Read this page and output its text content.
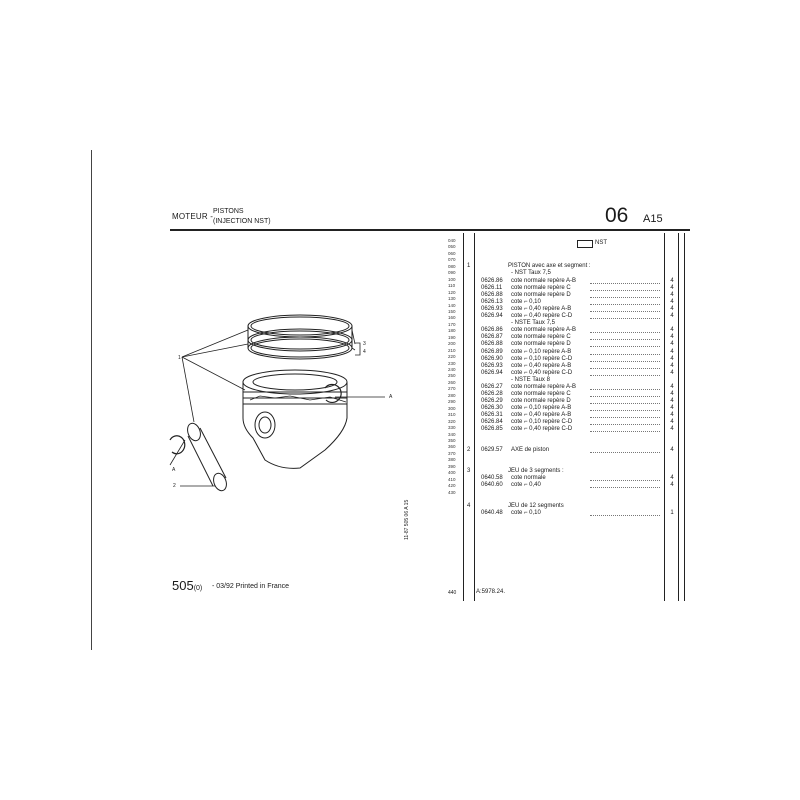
MOTEUR -
PISTONS
(INJECTION NST)	06 A15
NST
040
050
060
070
080
090
100
110
120
130
140
150
160
170
180
190
200
210
220
230
240
250
260
270
280
290
300
310
320
330
340
350
360
370
380
390
400
410
420
430
1	PISTON avec axe et segment :
- NST Taux 7,5
0626.86 cote normale repère A-B	4
0626.11 cote normale repère C	4
0626.88 cote normale repère D	4
0626.13 cote ⌐ 0,10	4
0626.93 cote ⌐ 0,40 repère A-B	4
0626.94 cote ⌐ 0,40 repère C-D	4
- NSTE Taux 7,5
0626.86 cote normale repère A-B	4
0626.87 cote normale repère C	4
0626.88 cote normale repère D	4
0626.89 cote ⌐ 0,10 repère A-B	4
0626.90 cote ⌐ 0,10 repère C-D	4
0626.93 cote ⌐ 0,40 repère A-B	4
0626.94 cote ⌐ 0,40 repère C-D	4
- NSTE Taux 8
0626.27 cote normale repère A-B	4
0626.28 cote normale repère C	4
0626.29 cote normale repère D	4
0626.30 cote ⌐ 0,10 repère A-B	4
0626.31 cote ⌐ 0,40 repère A-B	4
0626.84 cote ⌐ 0,10 repère C-D	4
0626.85 cote ⌐ 0,40 repère C-D	4
2 0629.57 AXE de piston	4
3	JEU de 3 segments :
0640.58 cote normale	4
0640.60 cote ⌐ 0,40	4
4	JEU de 12 segments
0640.48 cote ⌐ 0,10	1
1
2
3
4
A
A
11-87 505 06 A 15
505(0) - 03/92 Printed in France
440	A:5978.24.
